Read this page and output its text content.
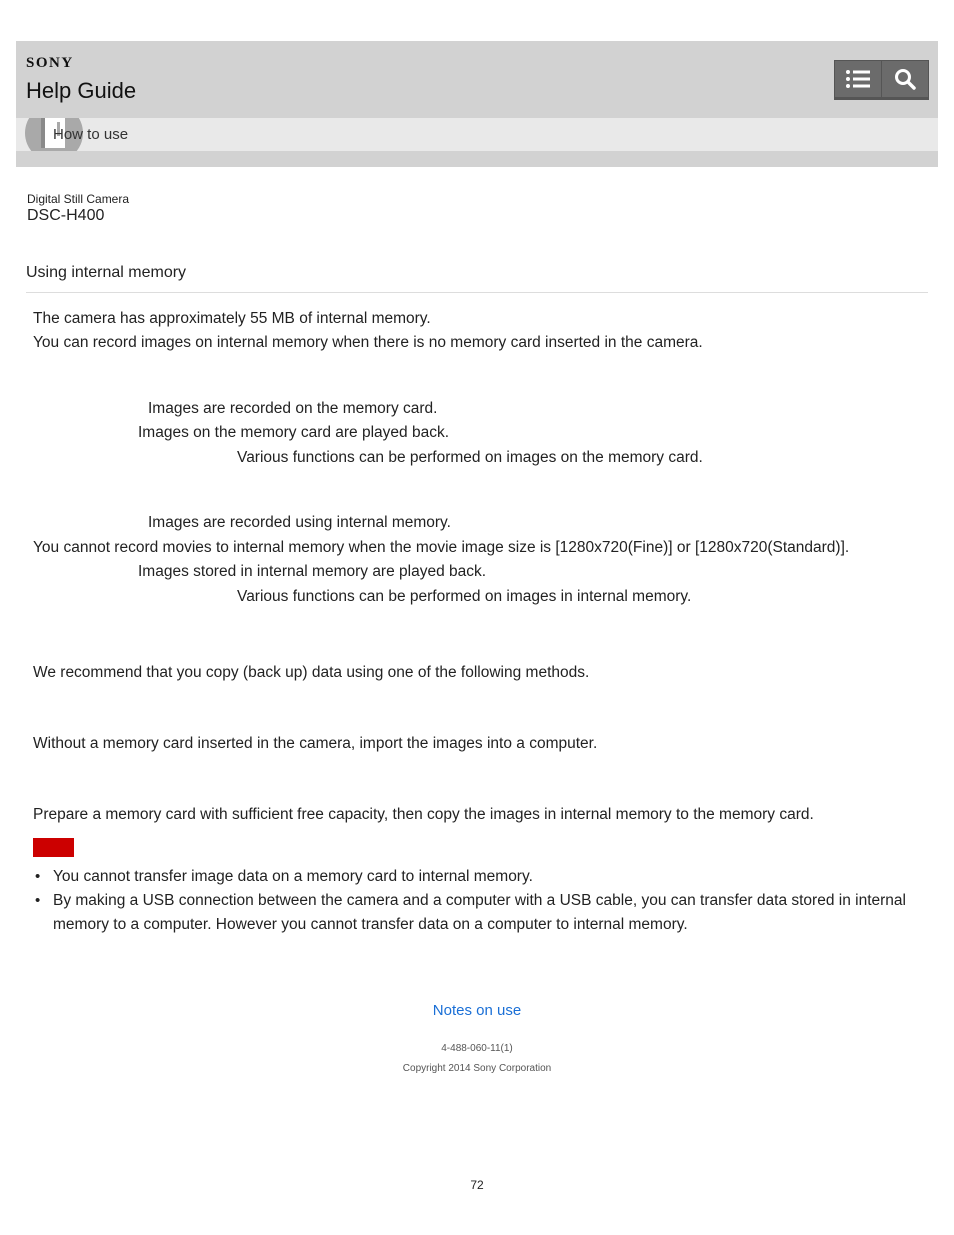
SONY
Help Guide
How to use
Digital Still Camera
DSC-H400
Using internal memory
The camera has approximately 55 MB of internal memory.
You can record images on internal memory when there is no memory card inserted in the camera.
Images are recorded on the memory card.
Images on the memory card are played back.
Various functions can be performed on images on the memory card.
Images are recorded using internal memory.
You cannot record movies to internal memory when the movie image size is [1280x720(Fine)] or [1280x720(Standard)].
Images stored in internal memory are played back.
Various functions can be performed on images in internal memory.
We recommend that you copy (back up) data using one of the following methods.
Without a memory card inserted in the camera, import the images into a computer.
Prepare a memory card with sufficient free capacity, then copy the images in internal memory to the memory card.
• You cannot transfer image data on a memory card to internal memory.
• By making a USB connection between the camera and a computer with a USB cable, you can transfer data stored in internal memory to a computer. However you cannot transfer data on a computer to internal memory.
Notes on use
4-488-060-11(1)
Copyright 2014 Sony Corporation
72
